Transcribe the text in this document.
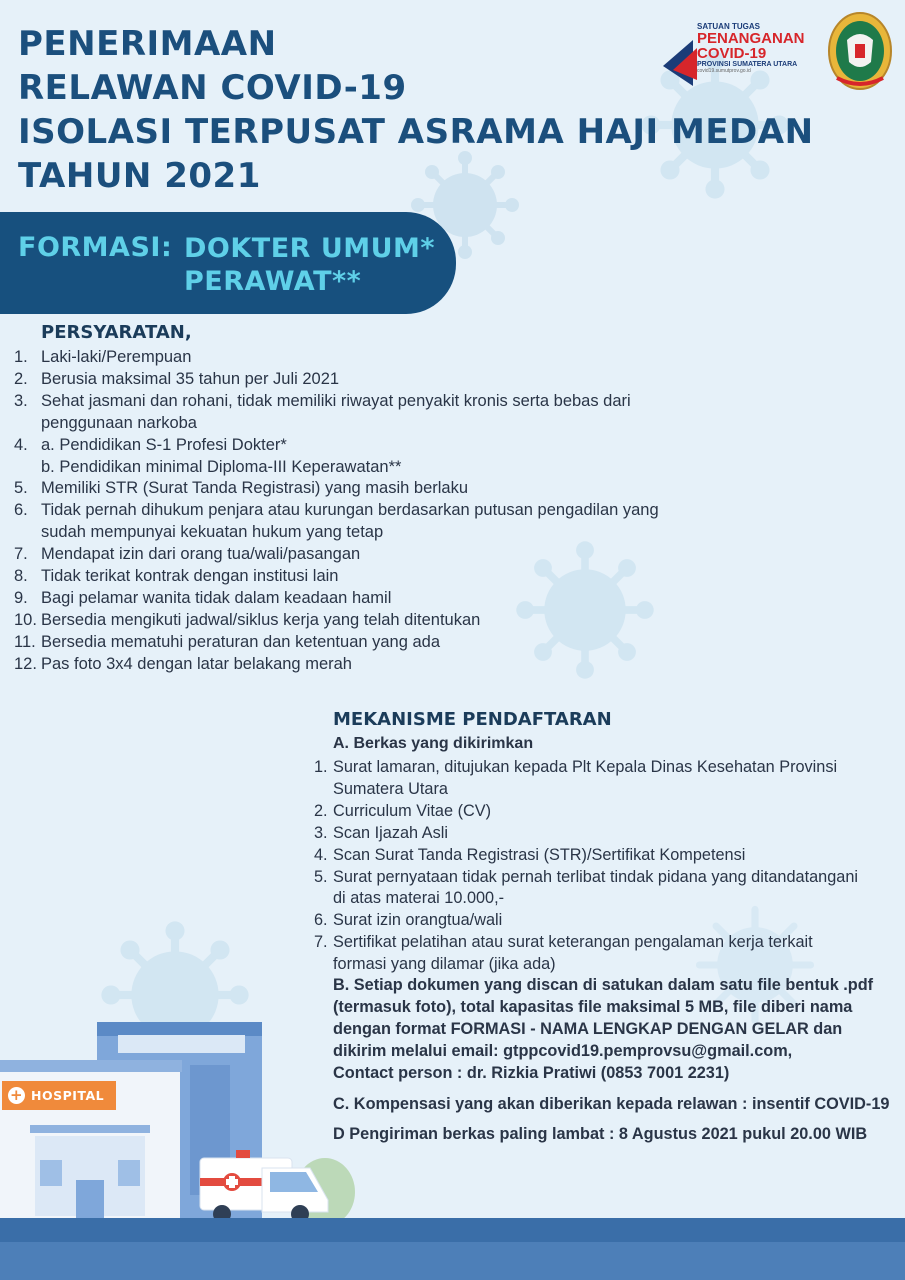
PENERIMAAN
RELAWAN COVID-19
ISOLASI TERPUSAT ASRAMA HAJI MEDAN
TAHUN 2021
SATUAN TUGAS
PENANGANAN
COVID-19
PROVINSI SUMATERA UTARA
covid19.sumutprov.go.id
FORMASI: DOKTER UMUM*
PERAWAT**
PERSYARATAN,
1. Laki-laki/Perempuan
2. Berusia maksimal 35 tahun per Juli 2021
3. Sehat jasmani dan rohani, tidak memiliki riwayat penyakit kronis serta bebas dari
penggunaan narkoba
4. a. Pendidikan S-1 Profesi Dokter*
b. Pendidikan minimal Diploma-III Keperawatan**
5. Memiliki STR (Surat Tanda Registrasi) yang masih berlaku
6. Tidak pernah dihukum penjara atau kurungan berdasarkan putusan pengadilan yang
sudah mempunyai kekuatan hukum yang tetap
7. Mendapat izin dari orang tua/wali/pasangan
8. Tidak terikat kontrak dengan institusi lain
9. Bagi pelamar wanita tidak dalam keadaan hamil
10. Bersedia mengikuti jadwal/siklus kerja yang telah ditentukan
11. Bersedia mematuhi peraturan dan ketentuan yang ada
12. Pas foto 3x4 dengan latar belakang merah
MEKANISME PENDAFTARAN
A. Berkas yang dikirimkan
1. Surat lamaran, ditujukan kepada Plt Kepala Dinas Kesehatan Provinsi
Sumatera Utara
2. Curriculum Vitae (CV)
3. Scan Ijazah Asli
4. Scan Surat Tanda Registrasi (STR)/Sertifikat Kompetensi
5. Surat pernyataan tidak pernah terlibat tindak pidana yang ditandatangani
di atas materai 10.000,-
6. Surat izin orangtua/wali
7. Sertifikat pelatihan atau surat keterangan pengalaman kerja terkait
formasi yang dilamar (jika ada)
B. Setiap dokumen yang discan di satukan dalam satu file bentuk .pdf
(termasuk foto), total kapasitas file maksimal 5 MB, file diberi nama
dengan format FORMASI - NAMA LENGKAP DENGAN GELAR dan
dikirim melalui email: gtppcovid19.pemprovsu@gmail.com,
Contact person : dr. Rizkia Pratiwi (0853 7001 2231)
C. Kompensasi yang akan diberikan kepada relawan : insentif COVID-19
D Pengiriman berkas paling lambat : 8 Agustus 2021 pukul 20.00 WIB
+ HOSPITAL
